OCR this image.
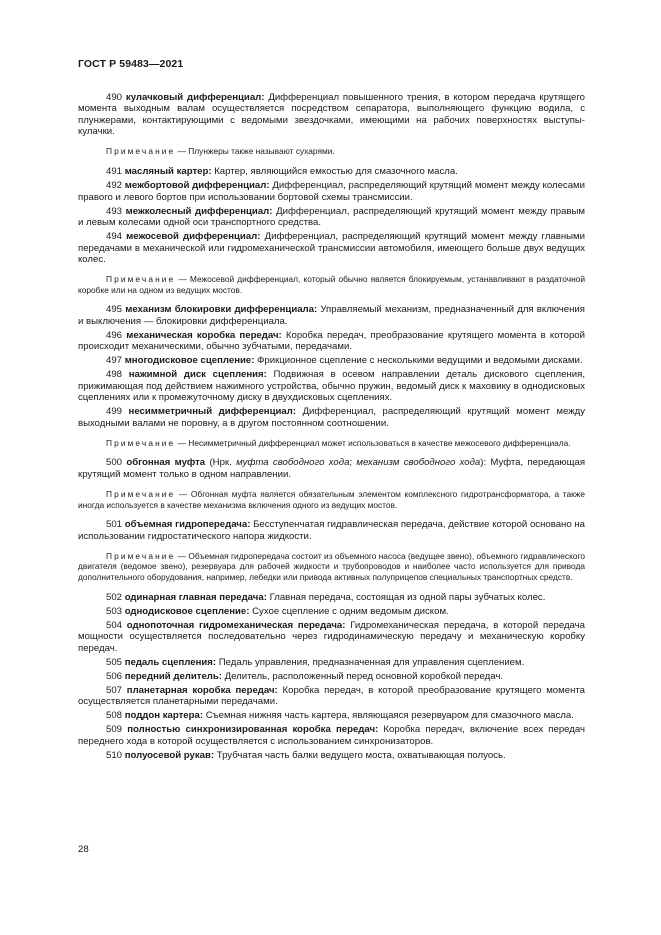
ГОСТ Р 59483—2021

490 кулачковый дифференциал: Дифференциал повышенного трения, в котором передача крутящего момента выходным валам осуществляется посредством сепаратора, выполняющего функцию водила, с плунжерами, контактирующими с ведомыми звездочками, имеющими на рабочих поверхностях выступы-кулачки.

Примечание — Плунжеры также называют сухарями.

491 масляный картер: Картер, являющийся емкостью для смазочного масла.

492 межбортовой дифференциал: Дифференциал, распределяющий крутящий момент между колесами правого и левого бортов при использовании бортовой схемы трансмиссии.

493 межколесный дифференциал: Дифференциал, распределяющий крутящий момент между правым и левым колесами одной оси транспортного средства.

494 межосевой дифференциал: Дифференциал, распределяющий крутящий момент между главными передачами в механической или гидромеханической трансмиссии автомобиля, имеющего больше двух ведущих колес.

Примечание — Межосевой дифференциал, который обычно является блокируемым, устанавливают в раздаточной коробке или на одном из ведущих мостов.

495 механизм блокировки дифференциала: Управляемый механизм, предназначенный для включения и выключения — блокировки дифференциала.

496 механическая коробка передач: Коробка передач, преобразование крутящего момента в которой происходит механическими, обычно зубчатыми, передачами.

497 многодисковое сцепление: Фрикционное сцепление с несколькими ведущими и ведомыми дисками.

498 нажимной диск сцепления: Подвижная в осевом направлении деталь дискового сцепления, прижимающая под действием нажимного устройства, обычно пружин, ведомый диск к маховику в однодисковых сцеплениях или к промежуточному диску в двухдисковых сцеплениях.

499 несимметричный дифференциал: Дифференциал, распределяющий крутящий момент между выходными валами не поровну, а в другом постоянном соотношении.

Примечание — Несимметричный дифференциал может использоваться в качестве межосевого дифференциала.

500 обгонная муфта (Нрк. муфта свободного хода; механизм свободного хода): Муфта, передающая крутящий момент только в одном направлении.

Примечание — Обгонная муфта является обязательным элементом комплексного гидротрансформатора, а также иногда используется в качестве механизма включения одного из ведущих мостов.

501 объемная гидропередача: Бесступенчатая гидравлическая передача, действие которой основано на использовании гидростатического напора жидкости.

Примечание — Объемная гидропередача состоит из объемного насоса (ведущее звено), объемного гидравлического двигателя (ведомое звено), резервуара для рабочей жидкости и трубопроводов и наиболее часто используется для привода дополнительного оборудования, например, лебедки или привода активных полуприцепов специальных транспортных средств.

502 одинарная главная передача: Главная передача, состоящая из одной пары зубчатых колес.

503 однодисковое сцепление: Сухое сцепление с одним ведомым диском.

504 однопоточная гидромеханическая передача: Гидромеханическая передача, в которой передача мощности осуществляется последовательно через гидродинамическую передачу и механическую коробку передач.

505 педаль сцепления: Педаль управления, предназначенная для управления сцеплением.

506 передний делитель: Делитель, расположенный перед основной коробкой передач.

507 планетарная коробка передач: Коробка передач, в которой преобразование крутящего момента осуществляется планетарными передачами.

508 поддон картера: Съемная нижняя часть картера, являющаяся резервуаром для смазочного масла.

509 полностью синхронизированная коробка передач: Коробка передач, включение всех передач переднего хода в которой осуществляется с использованием синхронизаторов.

510 полуосевой рукав: Трубчатая часть балки ведущего моста, охватывающая полуось.

28
